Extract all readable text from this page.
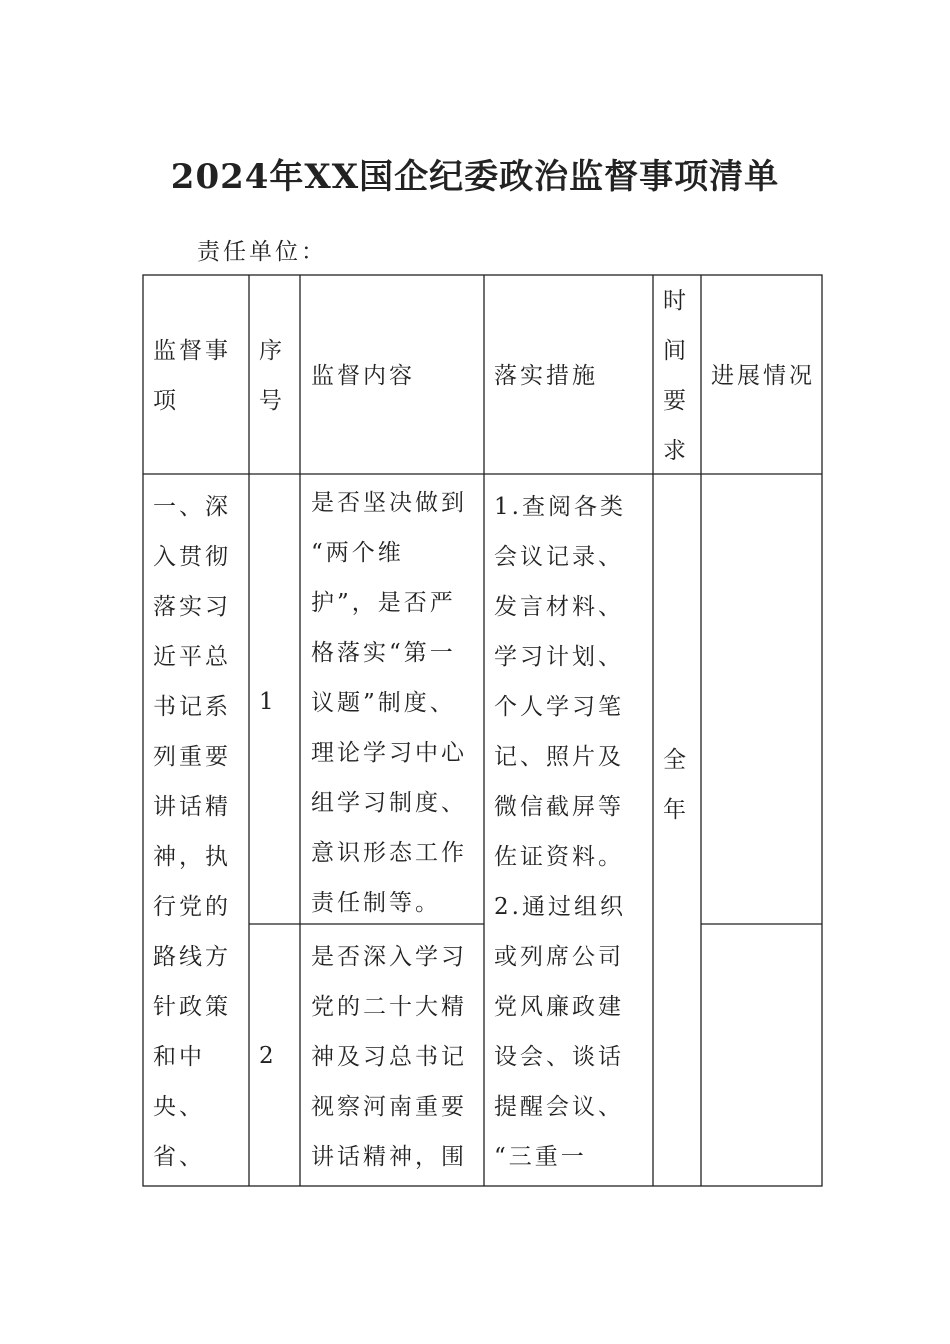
2024年XX国企纪委政治监督事项清单
责任单位：
监督事
项
序
号
监督内容	落实措施
时
间
要
求
进展情况
一、深
入贯彻
落实习
近平总
书记系
列重要
讲话精
神，执
行党的
路线方
针政策
和中
央、
省、
1
是否坚决做到
“两个维
护”，是否严
格落实“第一
议题”制度、
理论学习中心
组学习制度、
意识形态工作
责任制等。
2
是否深入学习
党的二十大精
神及习总书记
视察河南重要
讲话精神，围
1.查阅各类
会议记录、
发言材料、
学习计划、
个人学习笔
记、照片及
微信截屏等
佐证资料。
2.通过组织
或列席公司
党风廉政建
设会、谈话
提醒会议、
“三重一
全
年
